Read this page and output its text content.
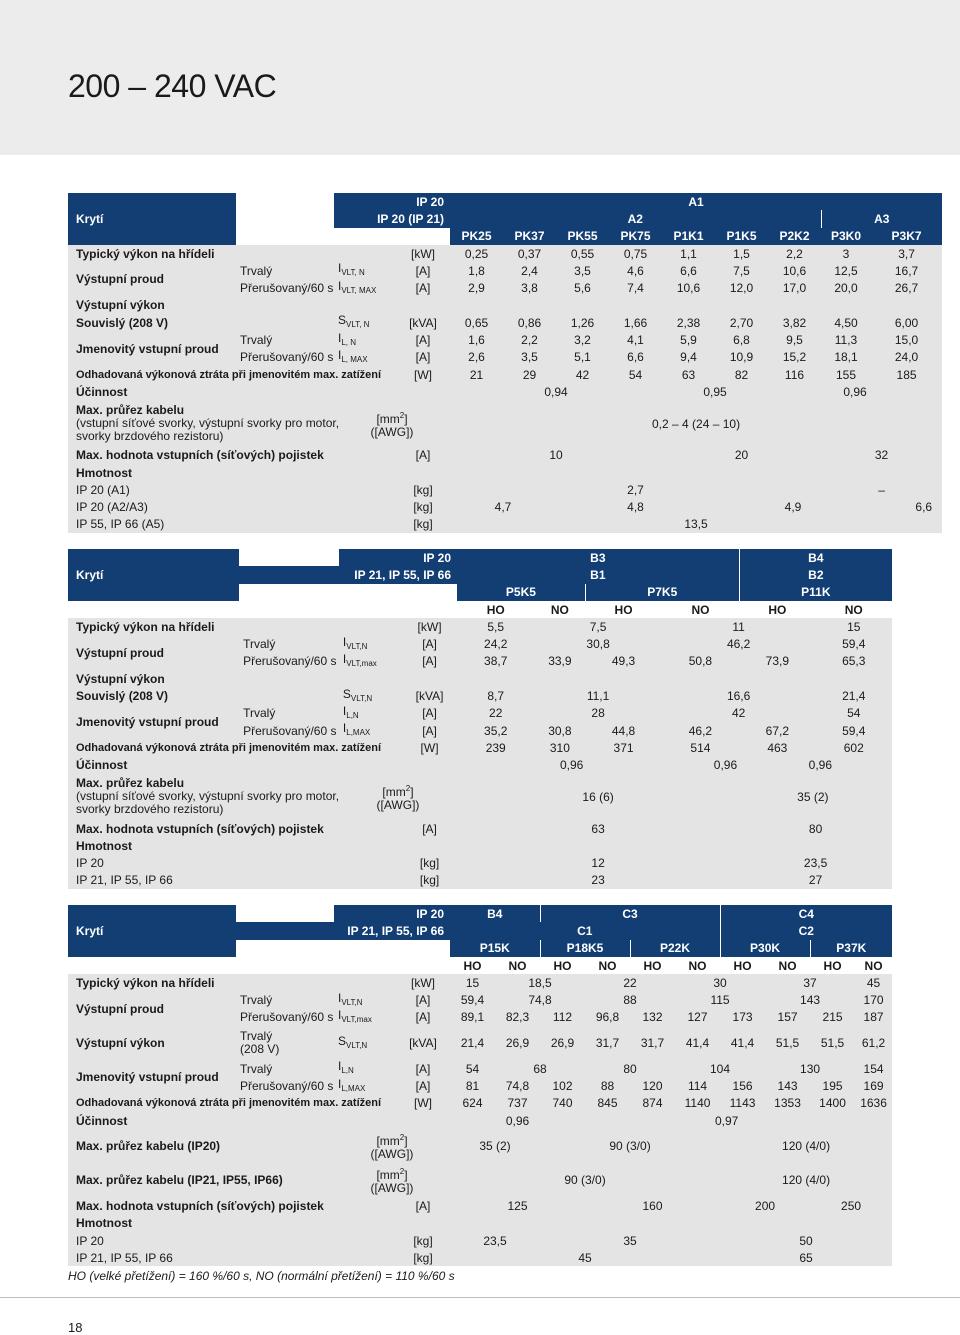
200 – 240 VAC
Krytí		IP 20		A1								
		IP 20 (IP 21)		A2							A3	
				PK25	PK37	PK55	PK75	P1K1	P1K5	P2K2	P3K0	P3K7
Typický výkon na hřídeli			[kW]	0,25	0,37	0,55	0,75	1,1	1,5	2,2	3	3,7
Výstupní proud	Trvalý	$I_{VLT, N}$	[A]	1,8	2,4	3,5	4,6	6,6	7,5	10,6	12,5	16,7
	Přerušovaný/60 s	$I_{VLT, MAX}$	[A]	2,9	3,8	5,6	7,4	10,6	12,0	17,0	20,0	26,7
Výstupní výkon												
Souvislý (208 V)		$S_{VLT, N}$	[kVA]	0,65	0,86	1,26	1,66	2,38	2,70	3,82	4,50	6,00
Jmenovitý vstupní proud	Trvalý	$I_{L, N}$	[A]	1,6	2,2	3,2	4,1	5,9	6,8	9,5	11,3	15,0
	Přerušovaný/60 s	$I_{L, MAX}$	[A]	2,6	3,5	5,1	6,6	9,4	10,9	15,2	18,1	24,0
Odhadovaná výkonová ztráta při jmenovitém max. zatížení			[W]	21	29	42	54	63	82	116	155	185
Účinnost				0,94				0,95		0,96		
Max. průřez kabelu
(vstupní síťové svorky, výstupní svorky pro motor,
svorky brzdového rezistoru)		$[mm^2]$
([AWG])		0,2 – 4 (24 – 10)								
Max. hodnota vstupních (síťových) pojistek			[A]	10				20			32	
Hmotnost												
IP 20 (A1)			[kg]	2,7							–	
IP 20 (A2/A3)			[kg]	4,7		4,8			4,9			6,6
IP 55, IP 66 (A5)			[kg]	13,5								
Krytí		IP 20		B3				B4	
	IP 21, IP 55, IP 66			B1				B2	
				P5K5		P7K5		P11K	
				HO	NO	HO	NO	HO	NO
Typický výkon na hřídeli			[kW]	5,5	7,5		11		15
Výstupní proud	Trvalý	$I_{VLT,N}$	[A]	24,2	30,8		46,2		59,4
	Přerušovaný/60 s	$I_{VLT,max}$	[A]	38,7	33,9	49,3	50,8	73,9	65,3
Výstupní výkon									
Souvislý (208 V)		$S_{VLT,N}$	[kVA]	8,7	11,1		16,6		21,4
Jmenovitý vstupní proud	Trvalý	$I_{L,N}$	[A]	22	28		42		54
	Přerušovaný/60 s	$I_{L,MAX}$	[A]	35,2	30,8	44,8	46,2	67,2	59,4
Odhadovaná výkonová ztráta při jmenovitém max. zatížení			[W]	239	310	371	514	463	602
Účinnost				0,96		0,96		0,96	
Max. průřez kabelu
(vstupní síťové svorky, výstupní svorky pro motor,
svorky brzdového rezistoru)		$[mm^2]$
([AWG])		16 (6)				35 (2)	
Max. hodnota vstupních (síťových) pojistek			[A]	63				80	
Hmotnost									
IP 20			[kg]	12				23,5	
IP 21, IP 55, IP 66			[kg]	23				27	
Krytí		IP 20		B4		C3				C4			
	IP 21, IP 55, IP 66			C1						C2			
				P15K		P18K5		P22K		P30K		P37K	
				HO	NO	HO	NO	HO	NO	HO	NO	HO	NO
Typický výkon na hřídeli			[kW]	15	18,5		22		30		37		45
Výstupní proud	Trvalý	$I_{VLT,N}$	[A]	59,4	74,8		88		115		143		170
	Přerušovaný/60 s	$I_{VLT,max}$	[A]	89,1	82,3	112	96,8	132	127	173	157	215	187
Výstupní výkon	Trvalý
(208 V)	$S_{VLT,N}$	[kVA]	21,4	26,9	26,9	31,7	31,7	41,4	41,4	51,5	51,5	61,2
Jmenovitý vstupní proud	Trvalý	$I_{L,N}$	[A]	54	68		80		104		130		154
	Přerušovaný/60 s	$I_{L,MAX}$	[A]	81	74,8	102	88	120	114	156	143	195	169
Odhadovaná výkonová ztráta při jmenovitém max. zatížení			[W]	624	737	740	845	874	1140	1143	1353	1400	1636
Účinnost				0,96			0,97						
Max. průřez kabelu (IP20)		$[mm^2]$
([AWG])		35 (2)		90 (3/0)				120 (4/0)			
Max. průřez kabelu (IP21, IP55, IP66)		$[mm^2]$
([AWG])		90 (3/0)						120 (4/0)			
Max. hodnota vstupních (síťových) pojistek			[A]	125			160			200		250	
Hmotnost													
IP 20			[kg]	23,5		35				50			
IP 21, IP 55, IP 66			[kg]	45						65			
HO (velké přetížení) = 160 %/60 s, NO (normální přetížení) = 110 %/60 s
18
